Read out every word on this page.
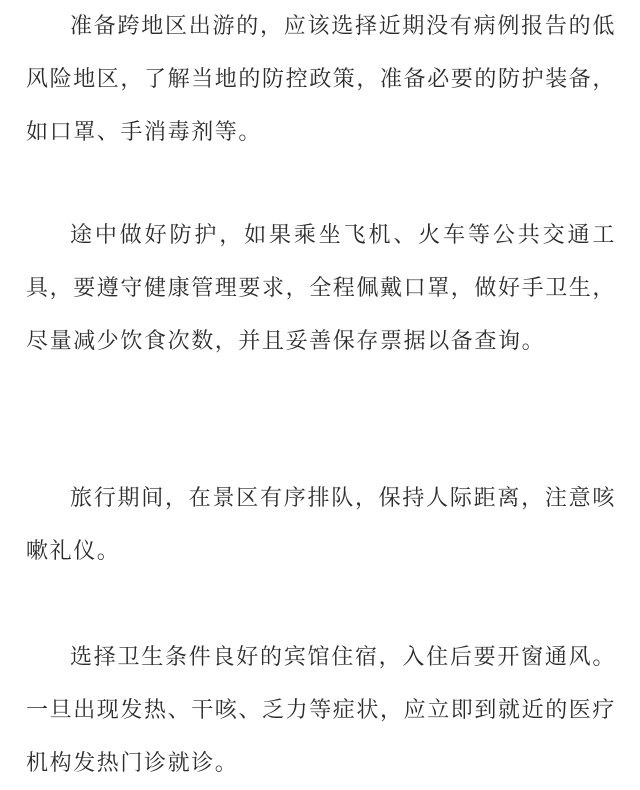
准备跨地区出游的，应该选择近期没有病例报告的低风险地区，了解当地的防控政策，准备必要的防护装备，如口罩、手消毒剂等。

途中做好防护，如果乘坐飞机、火车等公共交通工具，要遵守健康管理要求，全程佩戴口罩，做好手卫生，尽量减少饮食次数，并且妥善保存票据以备查询。

旅行期间，在景区有序排队，保持人际距离，注意咳嗽礼仪。

选择卫生条件良好的宾馆住宿，入住后要开窗通风。一旦出现发热、干咳、乏力等症状，应立即到就近的医疗机构发热门诊就诊。
